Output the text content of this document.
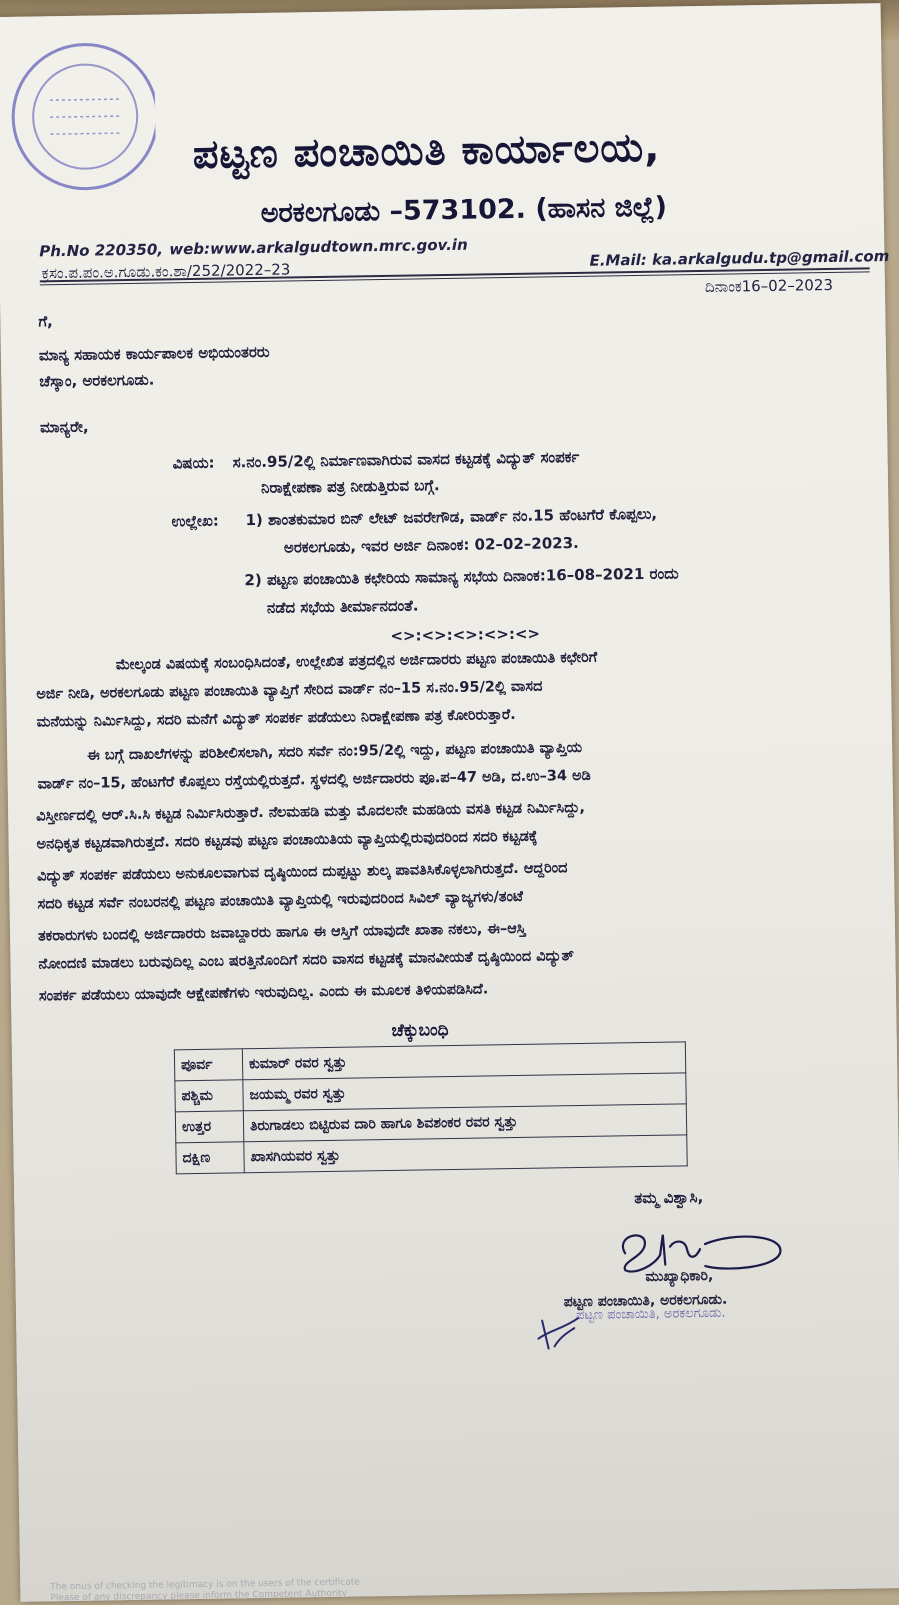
ಪಟ್ಟಣ ಪಂಚಾಯಿತಿ ಕಾರ್ಯಾಲಯ,
ಅರಕಲಗೂಡು –573102. (ಹಾಸನ ಜಿಲ್ಲೆ)
Ph.No 220350, web:www.arkalgudtown.mrc.gov.in
E.Mail: ka.arkalgudu.tp@gmail.com
ಕ್ರಸಂ.ಪ.ಪಂ.ಅ.ಗೂಡು.ಕಂ.ಶಾ/252/2022–23
ದಿನಾಂಕ16–02–2023
ಗೆ,
ಮಾನ್ಯ ಸಹಾಯಕ ಕಾರ್ಯಪಾಲಕ ಅಭಿಯಂತರರು
ಚೆಸ್ಕಾಂ, ಅರಕಲಗೂಡು.
ಮಾನ್ಯರೇ,
ವಿಷಯ: ಸ.ನಂ.95/2ಲ್ಲಿ ನಿರ್ಮಾಣವಾಗಿರುವ ವಾಸದ ಕಟ್ಟಡಕ್ಕೆ ವಿದ್ಯುತ್ ಸಂಪರ್ಕ
ನಿರಾಕ್ಷೇಪಣಾ ಪತ್ರ ನೀಡುತ್ತಿರುವ ಬಗ್ಗೆ.
ಉಲ್ಲೇಖ: 1) ಶಾಂತಕುಮಾರ ಬಿನ್ ಲೇಟ್ ಜವರೇಗೌಡ, ವಾರ್ಡ್ ನಂ.15 ಹೆಂಟಗೆರೆ ಕೊಪ್ಪಲು,
ಅರಕಲಗೂಡು, ಇವರ ಅರ್ಜಿ ದಿನಾಂಕ: 02–02–2023.
2) ಪಟ್ಟಣ ಪಂಚಾಯಿತಿ ಕಛೇರಿಯ ಸಾಮಾನ್ಯ ಸಭೆಯ ದಿನಾಂಕ:16–08–2021 ರಂದು
ನಡೆದ ಸಭೆಯ ತೀರ್ಮಾನದಂತೆ.
<>:<>:<>:<>:<>
ಮೇಲ್ಕಂಡ ವಿಷಯಕ್ಕೆ ಸಂಬಂಧಿಸಿದಂತೆ, ಉಲ್ಲೇಖಿತ ಪತ್ರದಲ್ಲಿನ ಅರ್ಜಿದಾರರು ಪಟ್ಟಣ ಪಂಚಾಯಿತಿ ಕಛೇರಿಗೆ
ಅರ್ಜಿ ನೀಡಿ, ಅರಕಲಗೂಡು ಪಟ್ಟಣ ಪಂಚಾಯಿತಿ ವ್ಯಾಪ್ತಿಗೆ ಸೇರಿದ ವಾರ್ಡ್ ನಂ–15 ಸ.ನಂ.95/2ಲ್ಲಿ ವಾಸದ
ಮನೆಯನ್ನು ನಿರ್ಮಿಸಿದ್ದು, ಸದರಿ ಮನೆಗೆ ವಿದ್ಯುತ್ ಸಂಪರ್ಕ ಪಡೆಯಲು ನಿರಾಕ್ಷೇಪಣಾ ಪತ್ರ ಕೋರಿರುತ್ತಾರೆ.
ಈ ಬಗ್ಗೆ ದಾಖಲೆಗಳನ್ನು ಪರಿಶೀಲಿಸಲಾಗಿ, ಸದರಿ ಸರ್ವೆ ನಂ:95/2ಲ್ಲಿ ಇದ್ದು, ಪಟ್ಟಣ ಪಂಚಾಯಿತಿ ವ್ಯಾಪ್ತಿಯ
ವಾರ್ಡ್ ನಂ–15, ಹೆಂಟಗೆರೆ ಕೊಪ್ಪಲು ರಸ್ತೆಯಲ್ಲಿರುತ್ತದೆ. ಸ್ಥಳದಲ್ಲಿ ಅರ್ಜಿದಾರರು ಪೂ.ಪ–47 ಅಡಿ, ದ.ಉ–34 ಅಡಿ
ವಿಸ್ತೀರ್ಣದಲ್ಲಿ ಆರ್.ಸಿ.ಸಿ ಕಟ್ಟಡ ನಿರ್ಮಿಸಿರುತ್ತಾರೆ. ನೆಲಮಹಡಿ ಮತ್ತು ಮೊದಲನೇ ಮಹಡಿಯ ವಸತಿ ಕಟ್ಟಡ ನಿರ್ಮಿಸಿದ್ದು,
ಅನಧಿಕೃತ ಕಟ್ಟಡವಾಗಿರುತ್ತದೆ. ಸದರಿ ಕಟ್ಟಡವು ಪಟ್ಟಣ ಪಂಚಾಯಿತಿಯ ವ್ಯಾಪ್ತಿಯಲ್ಲಿರುವುದರಿಂದ ಸದರಿ ಕಟ್ಟಡಕ್ಕೆ
ವಿದ್ಯುತ್ ಸಂಪರ್ಕ ಪಡೆಯಲು ಅನುಕೂಲವಾಗುವ ದೃಷ್ಠಿಯಿಂದ ದುಪ್ಪಟ್ಟು ಶುಲ್ಕ ಪಾವತಿಸಿಕೊಳ್ಳಲಾಗಿರುತ್ತದೆ. ಆದ್ದರಿಂದ
ಸದರಿ ಕಟ್ಟಡ ಸರ್ವೆ ನಂಬರನಲ್ಲಿ ಪಟ್ಟಣ ಪಂಚಾಯಿತಿ ವ್ಯಾಪ್ತಿಯಲ್ಲಿ ಇರುವುದರಿಂದ ಸಿವಿಲ್ ವ್ಯಾಜ್ಯಗಳು/ತಂಟೆ
ತಕರಾರುಗಳು ಬಂದಲ್ಲಿ ಅರ್ಜಿದಾರರು ಜವಾಬ್ದಾರರು ಹಾಗೂ ಈ ಆಸ್ತಿಗೆ ಯಾವುದೇ ಖಾತಾ ನಕಲು, ಈ–ಆಸ್ತಿ
ನೋಂದಣಿ ಮಾಡಲು ಬರುವುದಿಲ್ಲ ಎಂಬ ಷರತ್ತಿನೊಂದಿಗೆ ಸದರಿ ವಾಸದ ಕಟ್ಟಡಕ್ಕೆ ಮಾನವೀಯತೆ ದೃಷ್ಠಿಯಿಂದ ವಿದ್ಯುತ್
ಸಂಪರ್ಕ ಪಡೆಯಲು ಯಾವುದೇ ಆಕ್ಷೇಪಣೆಗಳು ಇರುವುದಿಲ್ಲ. ಎಂದು ಈ ಮೂಲಕ ತಿಳಿಯಪಡಿಸಿದೆ.
ಚೆಕ್ಕುಬಂಧಿ
ಪೂರ್ವ	ಕುಮಾರ್ ರವರ ಸ್ವತ್ತು
ಪಶ್ಚಿಮ	ಜಯಮ್ಮ ರವರ ಸ್ವತ್ತು
ಉತ್ತರ	ತಿರುಗಾಡಲು ಬಿಟ್ಟಿರುವ ದಾರಿ ಹಾಗೂ ಶಿವಶಂಕರ ರವರ ಸ್ವತ್ತು
ದಕ್ಷಿಣ	ಖಾಸಗಿಯವರ ಸ್ವತ್ತು
ತಮ್ಮ ವಿಶ್ವಾಸಿ,
ಮುಖ್ಯಾಧಿಕಾರಿ,
ಪಟ್ಟಣ ಪಂಚಾಯಿತಿ, ಅರಕಲಗೂಡು.
ಪಟ್ಟಣ ಪಂಚಾಯಿತಿ, ಅರಕಲಗೂಡು.
The onus of checking the legitimacy is on the users of the certificate
Please of any discrepancy please inform the Competent Authority
